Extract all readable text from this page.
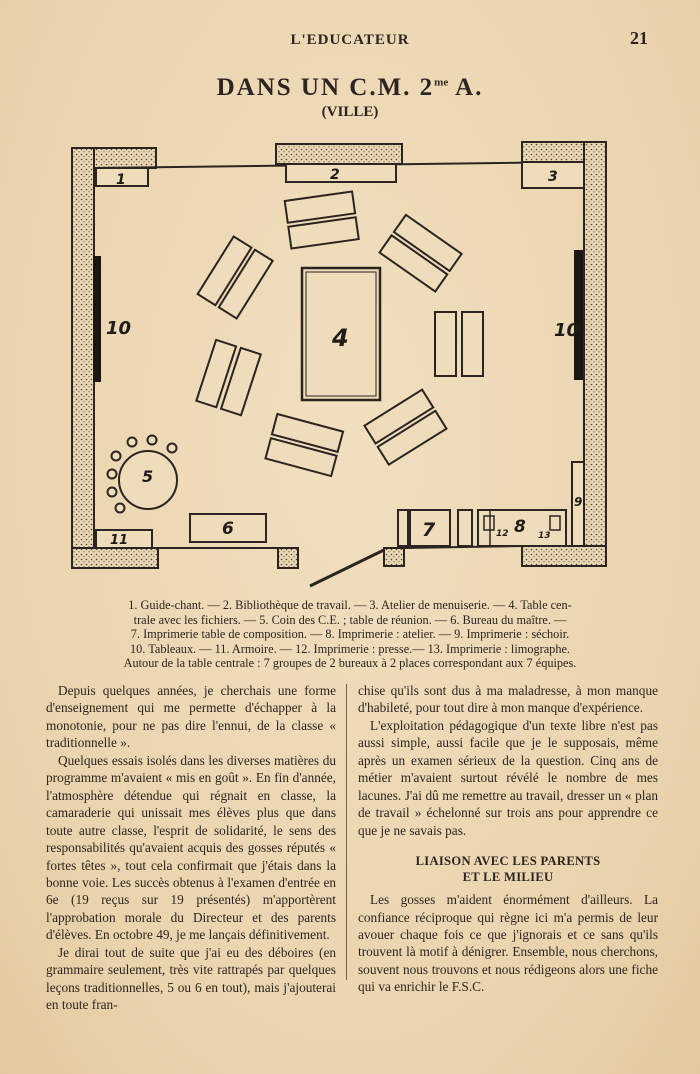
L'EDUCATEUR	21
DANS UN C.M. $2^{me}$ A.
(VILLE)
1	2	3
4
5
6	7	8
9
10	10
11	12	13
1. Guide-chant. — 2. Bibliothèque de travail. — 3. Atelier de menuiserie. — 4. Table cen-
trale avec les fichiers. — 5. Coin des C.E. ; table de réunion. — 6. Bureau du maître. —
7. Imprimerie table de composition. — 8. Imprimerie : atelier. — 9. Imprimerie : séchoir.
10. Tableaux. — 11. Armoire. — 12. Imprimerie : presse.— 13. Imprimerie : limographe.
Autour de la table centrale : 7 groupes de 2 bureaux à 2 places correspondant aux 7 équipes.

Depuis quelques années, je cherchais une forme d'enseignement qui me permette d'échapper à la monotonie, pour ne pas dire l'ennui, de la classe « traditionnelle ».

Quelques essais isolés dans les diverses matières du programme m'avaient « mis en goût ». En fin d'année, l'atmosphère détendue qui régnait en classe, la camaraderie qui unissait mes élèves plus que dans toute autre classe, l'esprit de solidarité, le sens des responsabilités qu'avaient acquis des gosses réputés « fortes têtes », tout cela confirmait que j'étais dans la bonne voie. Les succès obtenus à l'examen d'entrée en 6e (19 reçus sur 19 présentés) m'apportèrent l'approbation morale du Directeur et des parents d'élèves. En octobre 49, je me lançais définitivement.

Je dirai tout de suite que j'ai eu des déboires (en grammaire seulement, très vite rattrapés par quelques leçons traditionnelles, 5 ou 6 en tout), mais j'ajouterai en toute fran-

chise qu'ils sont dus à ma maladresse, à mon manque d'habileté, pour tout dire à mon manque d'expérience.

L'exploitation pédagogique d'un texte libre n'est pas aussi simple, aussi facile que je le supposais, même après un examen sérieux de la question. Cinq ans de métier m'avaient surtout révélé le nombre de mes lacunes. J'ai dû me remettre au travail, dresser un « plan de travail » échelonné sur trois ans pour apprendre ce que je ne savais pas.

LIAISON AVEC LES PARENTS
ET LE MILIEU

Les gosses m'aident énormément d'ailleurs. La confiance réciproque qui règne ici m'a permis de leur avouer chaque fois ce que j'ignorais et ce sans qu'ils trouvent là motif à dénigrer. Ensemble, nous cherchons, souvent nous trouvons et nous rédigeons alors une fiche qui va enrichir le F.S.C.
